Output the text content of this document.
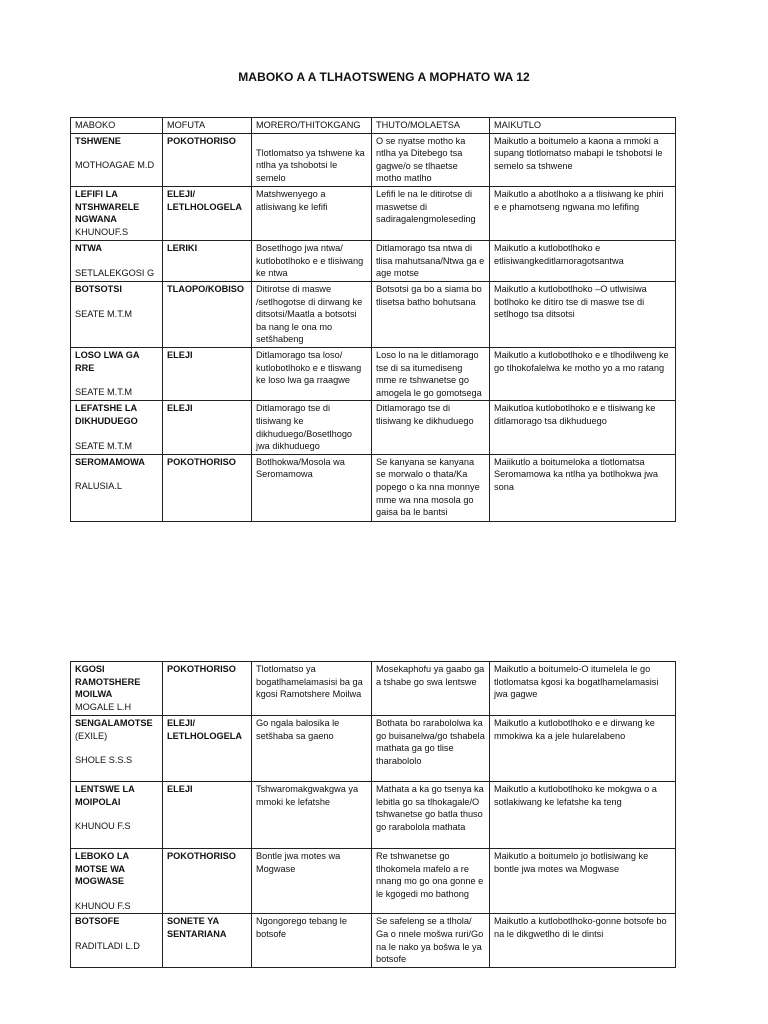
MABOKO A A TLHAOTSWENG A MOPHATO WA 12
MABOKO	MOFUTA	MORERO/THITOKGANG	THUTO/MOLAETSA	MAIKUTLO
TSHWENE
MOTHOAGAE M.D	POKOTHORISO	Tlotlomatso ya tshwene ka ntlha ya tshobotsi le semelo	O se nyatse motho ka ntlha ya Ditebego tsa gagwe/o se tlhaetse motho matlho	Maikutlo a boitumelo a kaona a mmoki a supang tlotlomatso mabapi le tshobotsi le semelo sa tshwene
LEFIFI LA NTSHWARELE NGWANA
KHUNOUF.S	ELEJI/ LETLHOLOGELA	Matshwenyego a atlisiwang ke lefifi	Lefifi le na le ditirotse di maswetse di sadiragalengmoleseding	Maikutlo a abotlhoko a a tlisiwang ke phiri e e phamotseng ngwana mo lefifing
NTWA
SETLALEKGOSI G	LERIKI	Bosetlhogo jwa ntwa/ kutlobotlhoko e e tlisiwang ke ntwa	Ditlamorago tsa ntwa di tlisa mahutsana/Ntwa ga e age motse	Maikutlo a kutlobotlhoko e etlisiwangkeditlamoragotsantwa
BOTSOTSI
SEATE M.T.M	TLAOPO/KOBISO	Ditirotse di maswe /setlhogotse di dirwang ke ditsotsi/Maatla a botsotsi ba nang le ona mo setšhabeng	Botsotsi ga bo a siama bo tlisetsa batho bohutsana	Maikutlo a kutlobotlhoko –O utlwisiwa botlhoko ke ditiro tse di maswe tse di setlhogo tsa ditsotsi
LOSO LWA GA RRE
SEATE M.T.M	ELEJI	Ditlamorago tsa loso/ kutlobotlhoko e e tliswang ke loso lwa ga rraagwe	Loso lo na le ditlamorago tse di sa itumediseng mme re tshwanetse go amogela le go gomotsega	Maikutlo a kutlobotlhoko e e tlhodilweng ke go tlhokofalelwa ke motho yo a mo ratang
LEFATSHE LA DIKHUDUEGO
SEATE M.T.M	ELEJI	Ditlamorago tse di tlisiwang ke dikhuduego/Bosetlhogo jwa dikhuduego	Ditlamorago tse di tlisiwang ke dikhuduego	Maikutloa kutlobotlhoko e e tlisiwang ke ditlamorago tsa dikhuduego
SEROMAMOWA
RALUSIA.L	POKOTHORISO	Botlhokwa/Mosola wa Seromamowa	Se kanyana se kanyana se morwalo o thata/Ka popego o ka nna monnye mme wa nna mosola go gaisa ba le bantsi	Maiikutlo a boitumeloka a tlotlomatsa Seromamowa ka ntlha ya botlhokwa jwa sona
KGOSI RAMOTSHERE MOILWA
MOGALE L.H	POKOTHORISO	Tlotlomatso ya bogatlhamelamasisi ba ga kgosi Ramotshere Moilwa	Mosekaphofu ya gaabo ga a tshabe go swa lentswe	Maikutlo a boitumelo-O itumelela le go tlotlomatsa kgosi ka bogatlhamelamasisi jwa gagwe
SENGALAMOTSE
(EXILE)
SHOLE S.S.S	ELEJI/ LETLHOLOGELA	Go ngala balosika le setšhaba sa gaeno	Bothata bo rarabololwa ka go buisanelwa/go tshabela mathata ga go tlise tharabololo	Maikutlo a kutlobotlhoko e e dirwang ke mmokiwa ka a jele hularelabeno
LENTSWE LA MOIPOLAI
KHUNOU F.S	ELEJI	Tshwaromakgwakgwa ya mmoki ke lefatshe	Mathata a ka go tsenya ka lebitla go sa tlhokagale/O tshwanetse go batla thuso go rarabolola mathata	Maikutlo a kutlobotlhoko ke mokgwa o a sotlakiwang ke lefatshe ka teng
LEBOKO LA MOTSE WA MOGWASE
KHUNOU F.S	POKOTHORISO	Bontle jwa motes wa Mogwase	Re tshwanetse go tlhokomela mafelo a re nnang mo go ona gonne e le kgogedi mo bathong	Maikutlo a boitumelo jo botlisiwang ke bontle jwa motes wa Mogwase
BOTSOFE
RADITLADI L.D	SONETE YA SENTARIANA	Ngongorego tebang le botsofe	Se safeleng se a tlhola/ Ga o nnele mošwa ruri/Go na le nako ya bošwa le ya botsofe	Maikutlo a kutlobotlhoko-gonne botsofe bo na le dikgwetlho di le dintsi
